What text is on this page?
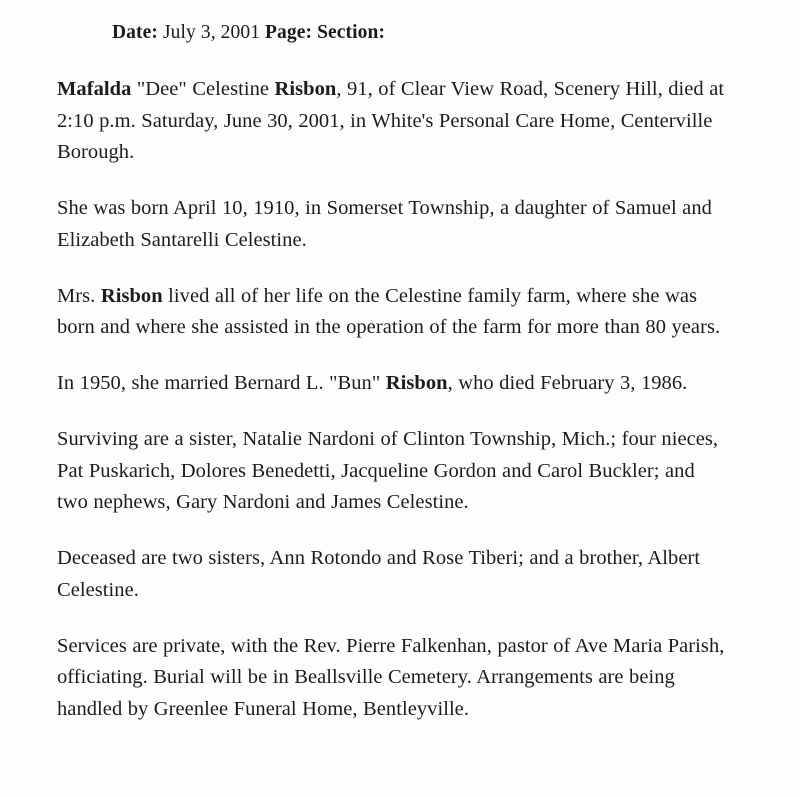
Date: July 3, 2001 Page: Section:

Mafalda "Dee" Celestine Risbon, 91, of Clear View Road, Scenery Hill, died at 2:10 p.m. Saturday, June 30, 2001, in White's Personal Care Home, Centerville Borough.

She was born April 10, 1910, in Somerset Township, a daughter of Samuel and Elizabeth Santarelli Celestine.

Mrs. Risbon lived all of her life on the Celestine family farm, where she was born and where she assisted in the operation of the farm for more than 80 years.

In 1950, she married Bernard L. "Bun" Risbon, who died February 3, 1986.

Surviving are a sister, Natalie Nardoni of Clinton Township, Mich.; four nieces, Pat Puskarich, Dolores Benedetti, Jacqueline Gordon and Carol Buckler; and two nephews, Gary Nardoni and James Celestine.

Deceased are two sisters, Ann Rotondo and Rose Tiberi; and a brother, Albert Celestine.

Services are private, with the Rev. Pierre Falkenhan, pastor of Ave Maria Parish, officiating. Burial will be in Beallsville Cemetery. Arrangements are being handled by Greenlee Funeral Home, Bentleyville.
